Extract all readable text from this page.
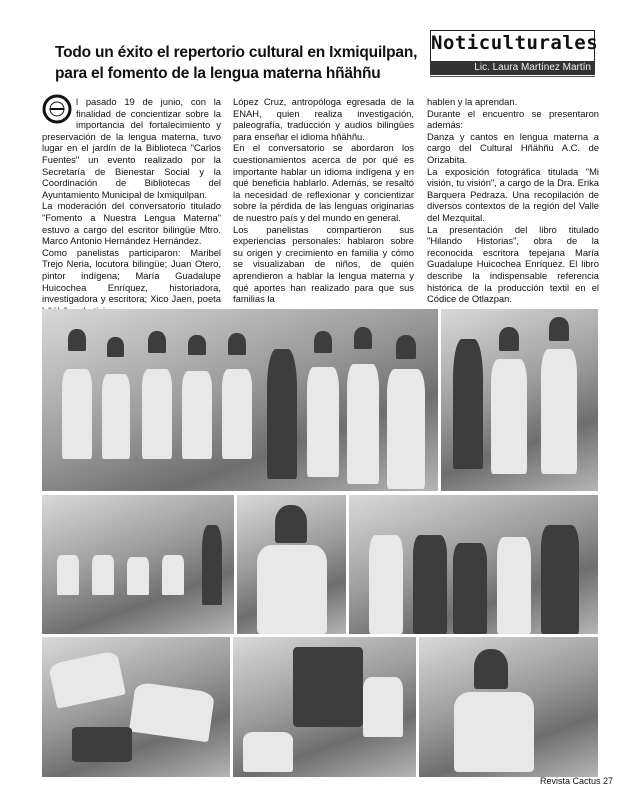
Todo un éxito el repertorio cultural en Ixmiquilpan,
para el fomento de la lengua materna hñähñu
Noticulturales
Lic. Laura Martínez Martín

l pasado 19 de junio, con la finalidad de concientizar sobre la importancia del fortalecimiento y preservación de la lengua materna, tuvo lugar en el jardín de la Biblioteca "Carlos Fuentes" un evento realizado por la Secretaría de Bienestar Social y la Coordinación de Bibliotecas del Ayuntamiento Municipal de Ixmiquilpan.

La moderación del conversatorio titulado "Fomento a Nuestra Lengua Materna" estuvo a cargo del escritor bilingüe Mtro. Marco Antonio Hernández Hernández.

Como panelistas participaron: Maribel Trejo Neria, locutora bilingüe; Juan Otero, pintor indígena; María Guadalupe Huicochea Enríquez, historiadora, investigadora y escritora; Xico Jaen, poeta

López Cruz, antropóloga egresada de la ENAH, quien realiza investigación, paleografía, traducción y audios bilingües para enseñar el idioma hñähñu.

En el conversatorio se abordaron los cuestionamientos acerca de por qué es importante hablar un idioma indígena y en qué beneficia hablarlo. Además, se resaltó la necesidad de reflexionar y concientizar sobre la pérdida de las lenguas originarias de nuestro país y del mundo en general.

Los panelistas compartieron sus experiencias personales: hablaron sobre su origen y crecimiento en familia y cómo se visualizaban de niños, de quién aprendieron a hablar la lengua materna y qué aportes han realizado para que sus familias la

hablen y la aprendan.

Durante el encuentro se presentaron además:

Danza y cantos en lengua materna a cargo del Cultural Hñähñu A.C. de Orizabita.

La exposición fotográfica titulada "Mi visión, tu visión", a cargo de la Dra. Erika Barquera Pedraza. Una recopilación de diversos contextos de la región del Valle del Mezquital.

La presentación del libro titulado "Hilando Historias", obra de la reconocida escritora tepejana María Guadalupe Huicochea Enríquez. El libro describe la indispensable referencia histórica de la producción textil en el Códice de Otlazpan.

Revista Cactus 27
